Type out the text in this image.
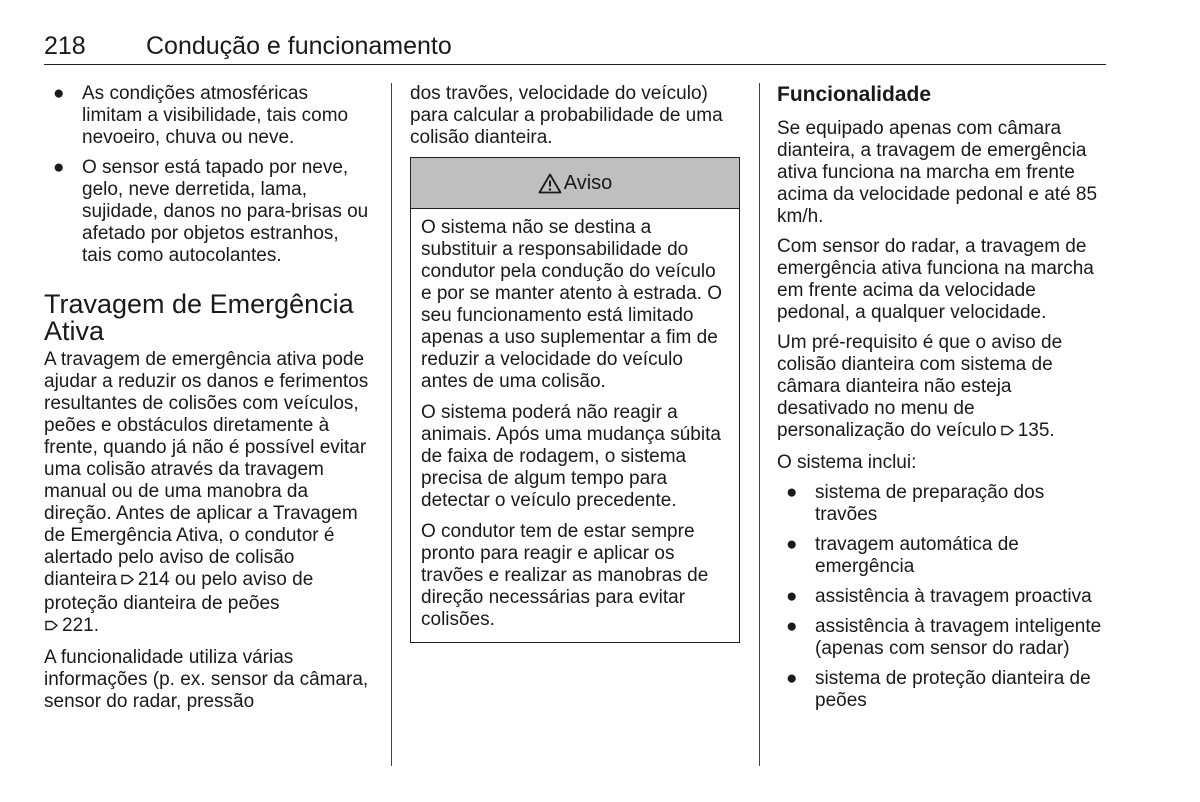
218 Condução e funcionamento
● As condições atmosféricas limitam a visibilidade, tais como nevoeiro, chuva ou neve.
● O sensor está tapado por neve, gelo, neve derretida, lama, sujidade, danos no para-brisas ou afetado por objetos estranhos, tais como autocolantes.
Travagem de Emergência Ativa

A travagem de emergência ativa pode ajudar a reduzir os danos e ferimentos resultantes de colisões com veículos, peões e obstáculos diretamente à frente, quando já não é possível evitar uma colisão através da travagem manual ou de uma manobra da direção. Antes de aplicar a Travagem de Emergência Ativa, o condutor é alertado pelo aviso de colisão dianteira 214 ou pelo aviso de proteção dianteira de peões
221.

A funcionalidade utiliza várias informações (p. ex. sensor da câmara, sensor do radar, pressão

dos travões, velocidade do veículo) para calcular a probabilidade de uma colisão dianteira.

Aviso

O sistema não se destina a substituir a responsabilidade do condutor pela condução do veículo e por se manter atento à estrada. O seu funcionamento está limitado apenas a uso suplementar a fim de reduzir a velocidade do veículo antes de uma colisão.

O sistema poderá não reagir a animais. Após uma mudança súbita de faixa de rodagem, o sistema precisa de algum tempo para detectar o veículo precedente.

O condutor tem de estar sempre pronto para reagir e aplicar os travões e realizar as manobras de direção necessárias para evitar colisões.

Funcionalidade

Se equipado apenas com câmara dianteira, a travagem de emergência ativa funciona na marcha em frente acima da velocidade pedonal e até 85 km/h.

Com sensor do radar, a travagem de emergência ativa funciona na marcha em frente acima da velocidade pedonal, a qualquer velocidade.

Um pré-requisito é que o aviso de colisão dianteira com sistema de câmara dianteira não esteja desativado no menu de personalização do veículo 135.

O sistema inclui:

● sistema de preparação dos travões
● travagem automática de emergência
● assistência à travagem proactiva
● assistência à travagem inteligente (apenas com sensor do radar)
● sistema de proteção dianteira de peões
